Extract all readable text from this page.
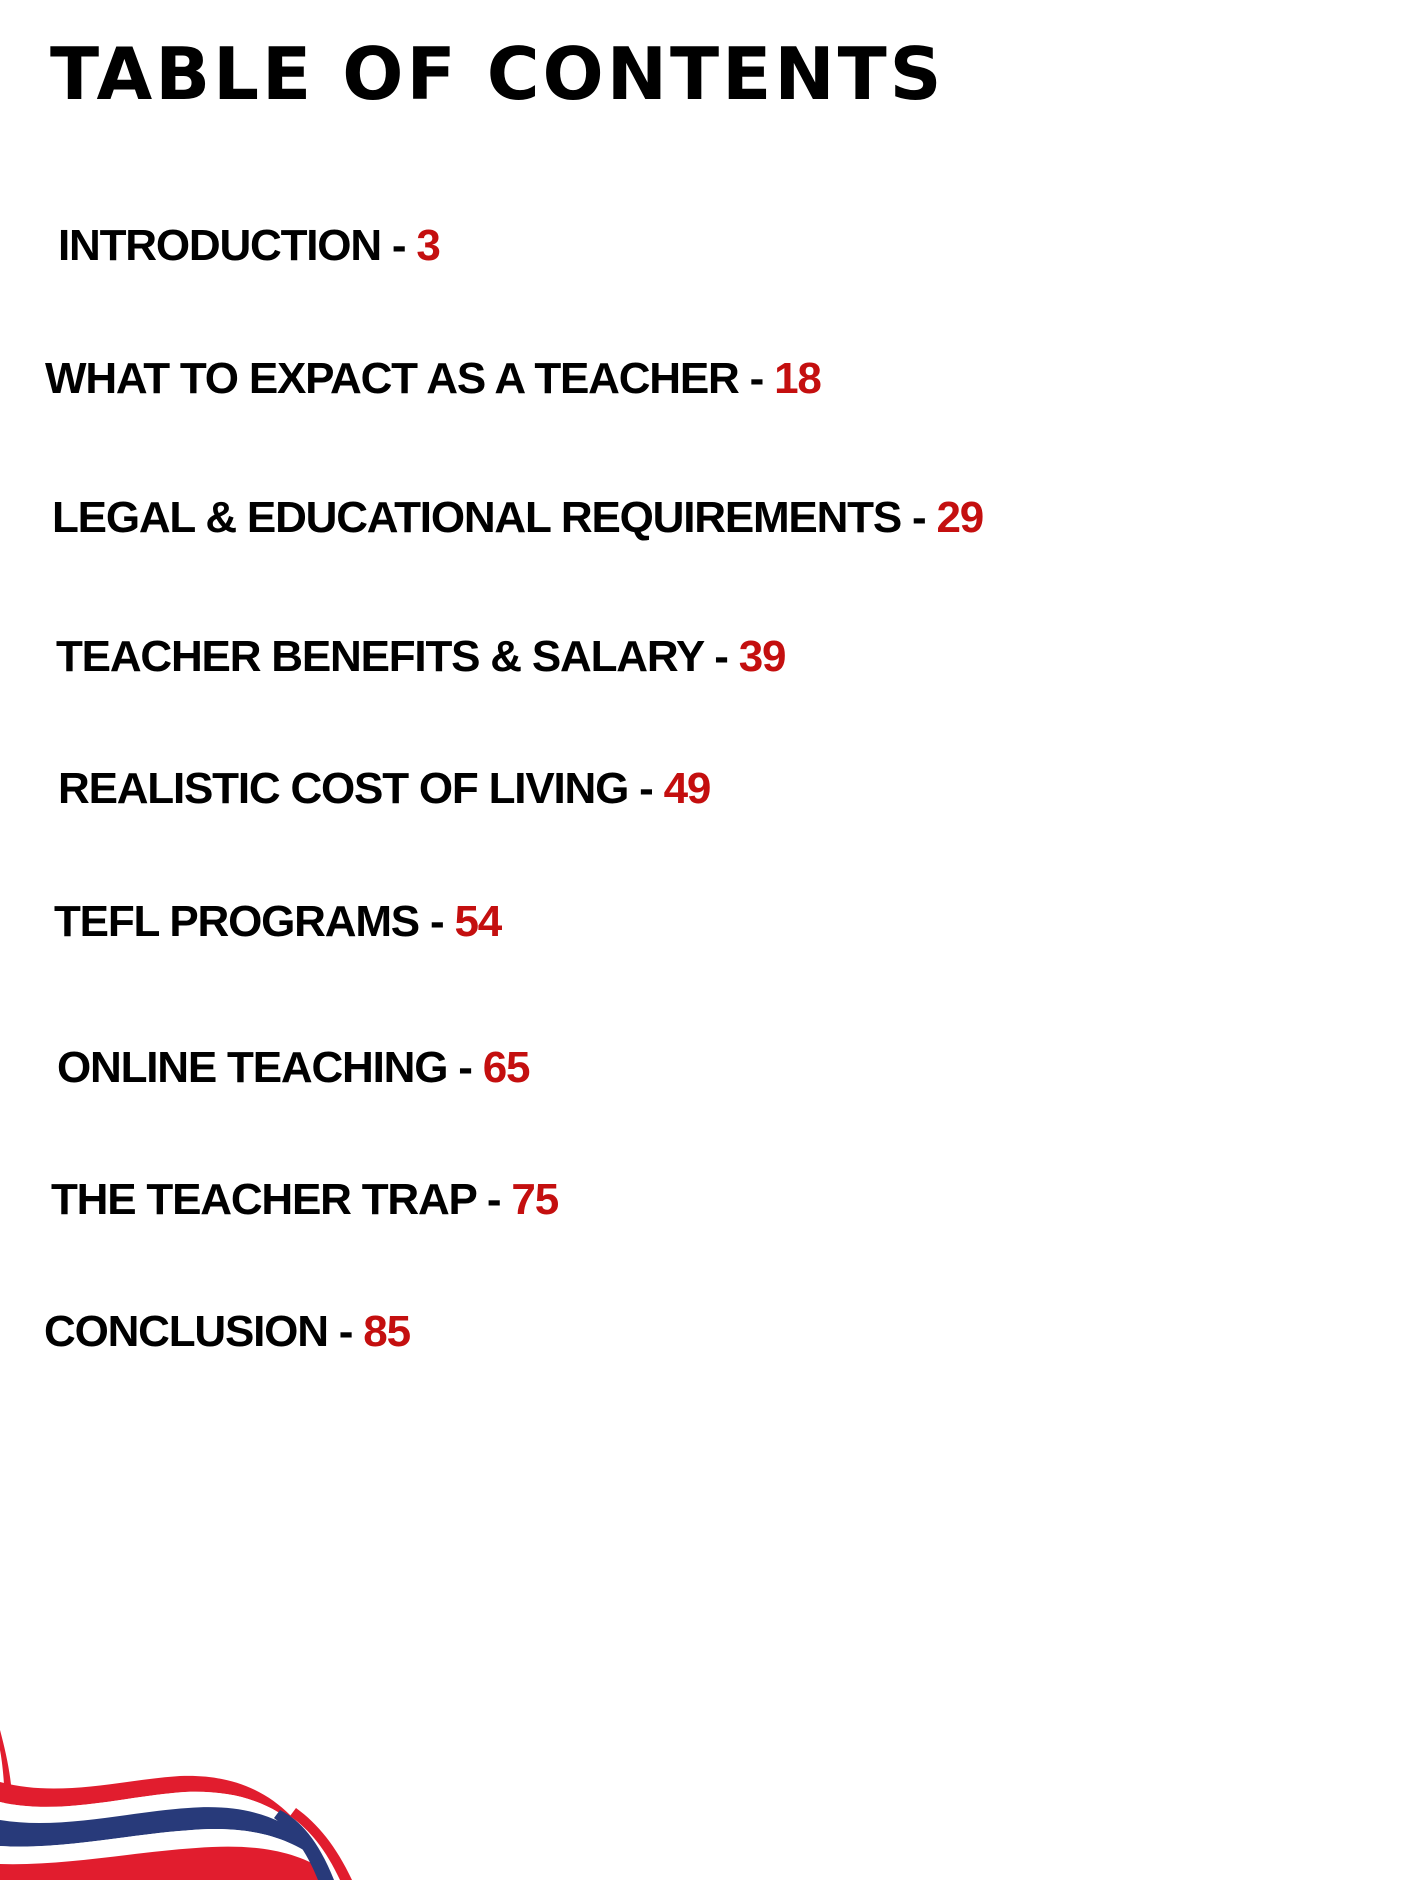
TABLE OF CONTENTS

INTRODUCTION - 3

WHAT TO EXPACT AS A TEACHER - 18

LEGAL & EDUCATIONAL REQUIREMENTS - 29

TEACHER BENEFITS & SALARY - 39

REALISTIC COST OF LIVING - 49

TEFL PROGRAMS - 54

ONLINE TEACHING - 65

THE TEACHER TRAP - 75

CONCLUSION - 85
